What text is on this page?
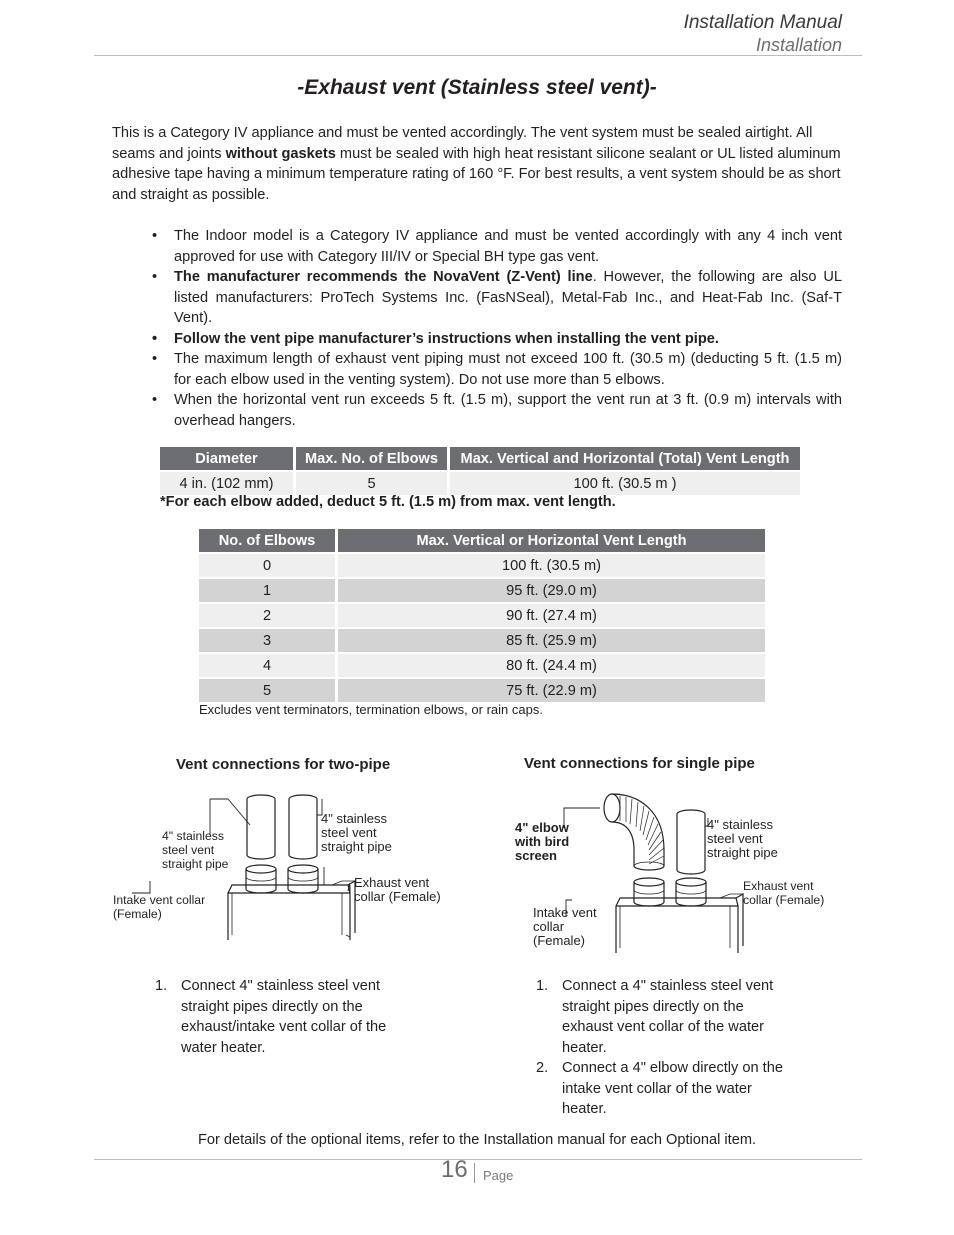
Installation Manual
Installation
-Exhaust vent (Stainless steel vent)-
This is a Category IV appliance and must be vented accordingly. The vent system must be sealed airtight. All seams and joints without gaskets must be sealed with high heat resistant silicone sealant or UL listed aluminum adhesive tape having a minimum temperature rating of 160 °F. For best results, a vent system should be as short and straight as possible.
• The Indoor model is a Category IV appliance and must be vented accordingly with any 4 inch vent approved for use with Category III/IV or Special BH type gas vent.
• The manufacturer recommends the NovaVent (Z-Vent) line. However, the following are also UL listed manufacturers: ProTech Systems Inc. (FasNSeal), Metal-Fab Inc., and Heat-Fab Inc. (Saf-T Vent).
• Follow the vent pipe manufacturer’s instructions when installing the vent pipe.
• The maximum length of exhaust vent piping must not exceed 100 ft. (30.5 m) (deducting 5 ft. (1.5 m) for each elbow used in the venting system). Do not use more than 5 elbows.
• When the horizontal vent run exceeds 5 ft. (1.5 m), support the vent run at 3 ft. (0.9 m) intervals with overhead hangers.
Diameter	Max. No. of Elbows	Max. Vertical and Horizontal (Total) Vent Length
4 in. (102 mm)	5	100 ft. (30.5 m )
*For each elbow added, deduct 5 ft. (1.5 m) from max. vent length.
No. of Elbows	Max. Vertical or Horizontal Vent Length
0	100 ft. (30.5 m)
1	95 ft. (29.0 m)
2	90 ft. (27.4 m)
3	85 ft. (25.9 m)
4	80 ft. (24.4 m)
5	75 ft. (22.9 m)
Excludes vent terminators, termination elbows, or rain caps.
Vent connections for two-pipe
4" stainless
steel vent
straight pipe
4" stainless
steel vent
straight pipe
Exhaust vent
collar (Female)
Intake vent collar
(Female)
1. Connect 4" stainless steel vent straight pipes directly on the exhaust/intake vent collar of the water heater.
Vent connections for single pipe
4" elbow
with bird
screen
4" stainless
steel vent
straight pipe
Exhaust vent
collar (Female)
Intake vent
collar
(Female)
1. Connect a 4" stainless steel vent straight pipes directly on the exhaust vent collar of the water heater.
2. Connect a 4" elbow directly on the intake vent collar of the water heater.
For details of the optional items, refer to the Installation manual for each Optional item.
16 Page
